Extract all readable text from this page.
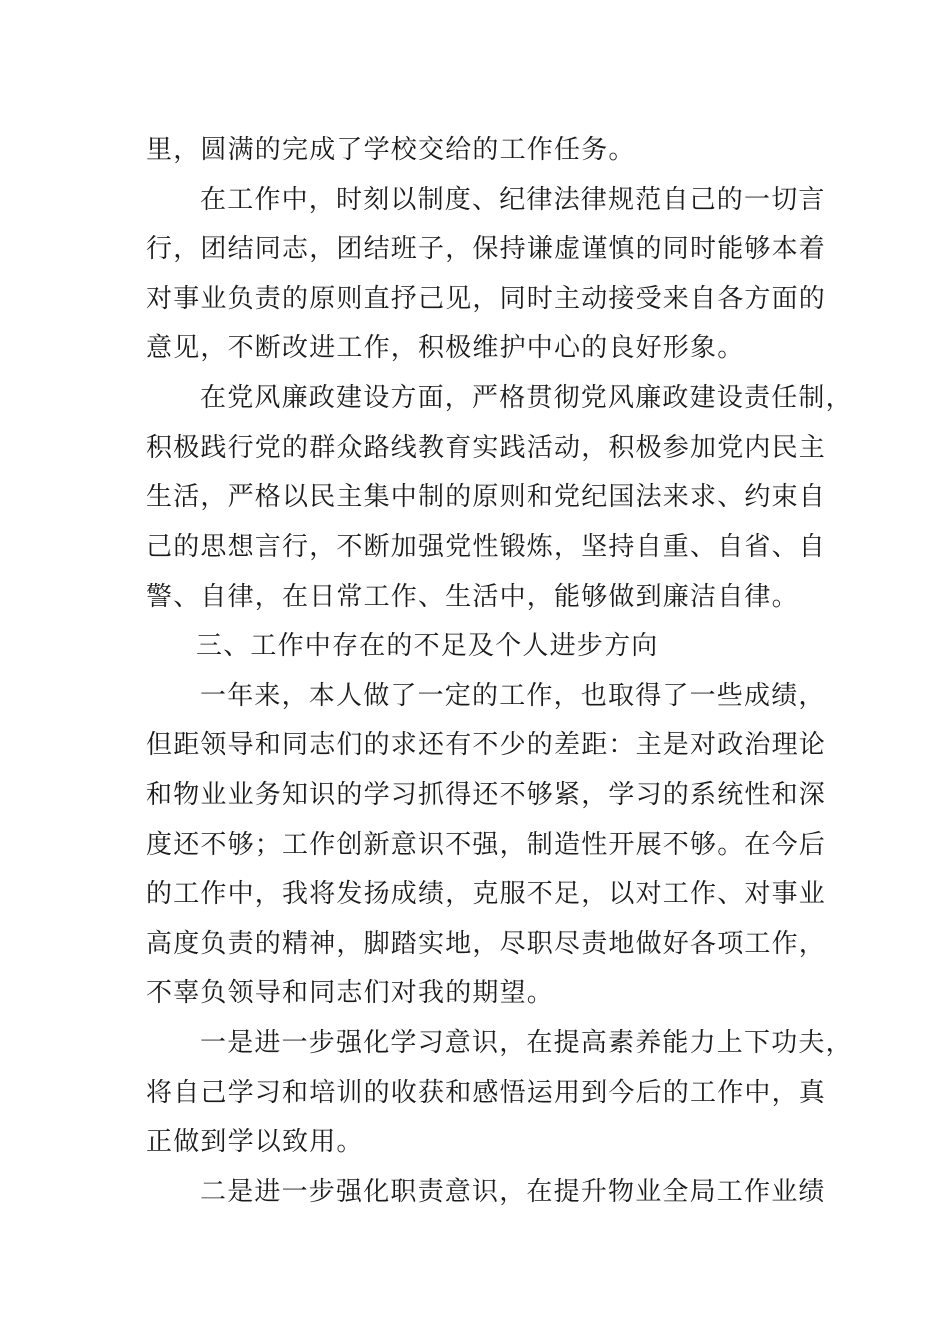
里，圆满的完成了学校交给的工作任务。
在工作中，时刻以制度、纪律法律规范自己的一切言
行，团结同志，团结班子，保持谦虚谨慎的同时能够本着
对事业负责的原则直抒己见，同时主动接受来自各方面的
意见，不断改进工作，积极维护中心的良好形象。
在党风廉政建设方面，严格贯彻党风廉政建设责任制，
积极践行党的群众路线教育实践活动，积极参加党内民主
生活，严格以民主集中制的原则和党纪国法来求、约束自
己的思想言行，不断加强党性锻炼，坚持自重、自省、自
警、自律，在日常工作、生活中，能够做到廉洁自律。
三、工作中存在的不足及个人进步方向
一年来，本人做了一定的工作，也取得了一些成绩，
但距领导和同志们的求还有不少的差距：主是对政治理论
和物业业务知识的学习抓得还不够紧，学习的系统性和深
度还不够；工作创新意识不强，制造性开展不够。在今后
的工作中，我将发扬成绩，克服不足，以对工作、对事业
高度负责的精神，脚踏实地，尽职尽责地做好各项工作，
不辜负领导和同志们对我的期望。
一是进一步强化学习意识，在提高素养能力上下功夫，
将自己学习和培训的收获和感悟运用到今后的工作中，真
正做到学以致用。
二是进一步强化职责意识，在提升物业全局工作业绩
